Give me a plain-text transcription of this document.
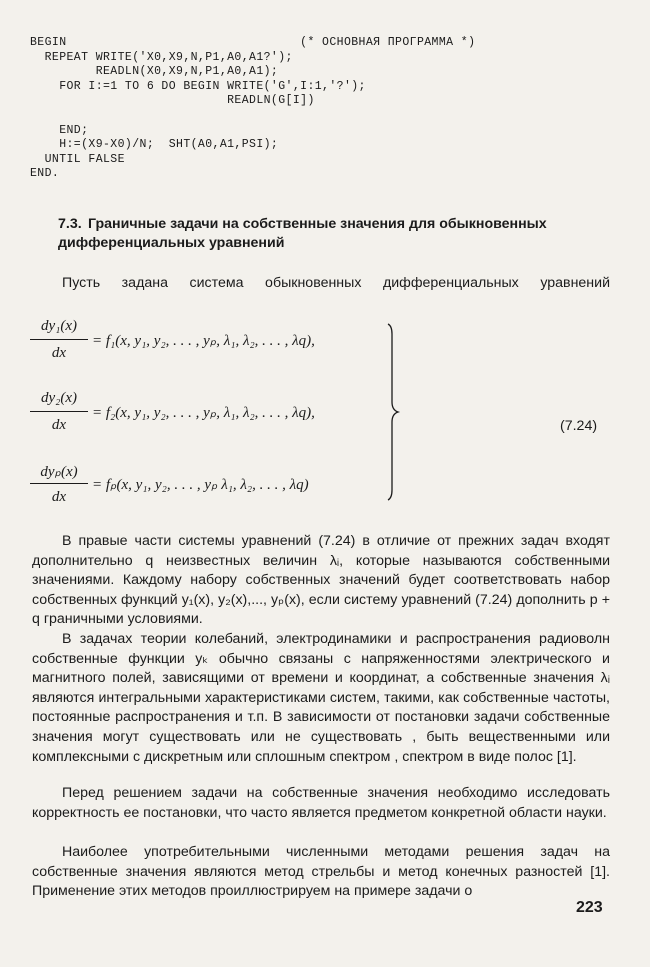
BEGIN                                (* ОСНОВНАЯ ПРОГРАММА *)
REPEAT WRITE('X0,X9,N,P1,A0,A1?');
READLN(X0,X9,N,P1,A0,A1);
FOR I:=1 TO 6 DO BEGIN WRITE('G',I:1,'?');
READLN(G[I])
END;
H:=(X9-X0)/N;  SHT(A0,A1,PSI);
UNTIL FALSE
END.
7.3. Граничные задачи на собственные значения для обыкновенных дифференциальных уравнений
Пусть задана система обыкновенных дифференциальных уравнений
dy₁(x)
dx
= f₁(x, y₁, y₂, . . . , yₚ, λ₁, λ₂, . . . , λq),
dy₂(x)
dx
= f₂(x, y₁, y₂, . . . , yₚ, λ₁, λ₂, . . . , λq),
dyₚ(x)
dx
= fₚ(x, y₁, y₂, . . . , yₚ λ₁, λ₂, . . . , λq)
(7.24)
В правые части системы уравнений (7.24) в отличие от прежних задач входят дополнительно q неизвестных величин λᵢ, которые называются собственными значениями. Каждому набору собственных значений будет соответствовать набор собственных функций y₁(x), y₂(x),..., yₚ(x), если систему уравнений (7.24) дополнить p + q граничными условиями.
В задачах теории колебаний, электродинамики и распространения радиоволн собственные функции yₖ обычно связаны с напряженностями электрического и магнитного полей, зависящими от времени и координат, а собственные значения λᵢ являются интегральными характеристиками систем, такими, как собственные частоты, постоянные распространения и т.п. В зависимости от постановки задачи собственные значения могут существовать или не существовать , быть вещественными или комплексными с дискретным или сплошным спектром , спектром в виде полос [1].
Перед решением задачи на собственные значения необходимо исследовать корректность ее постановки, что часто является предметом конкретной области науки.
Наиболее употребительными численными методами решения задач на собственные значения являются метод стрельбы и метод конечных разностей [1]. Применение этих методов проиллюстрируем на примере задачи о
223
